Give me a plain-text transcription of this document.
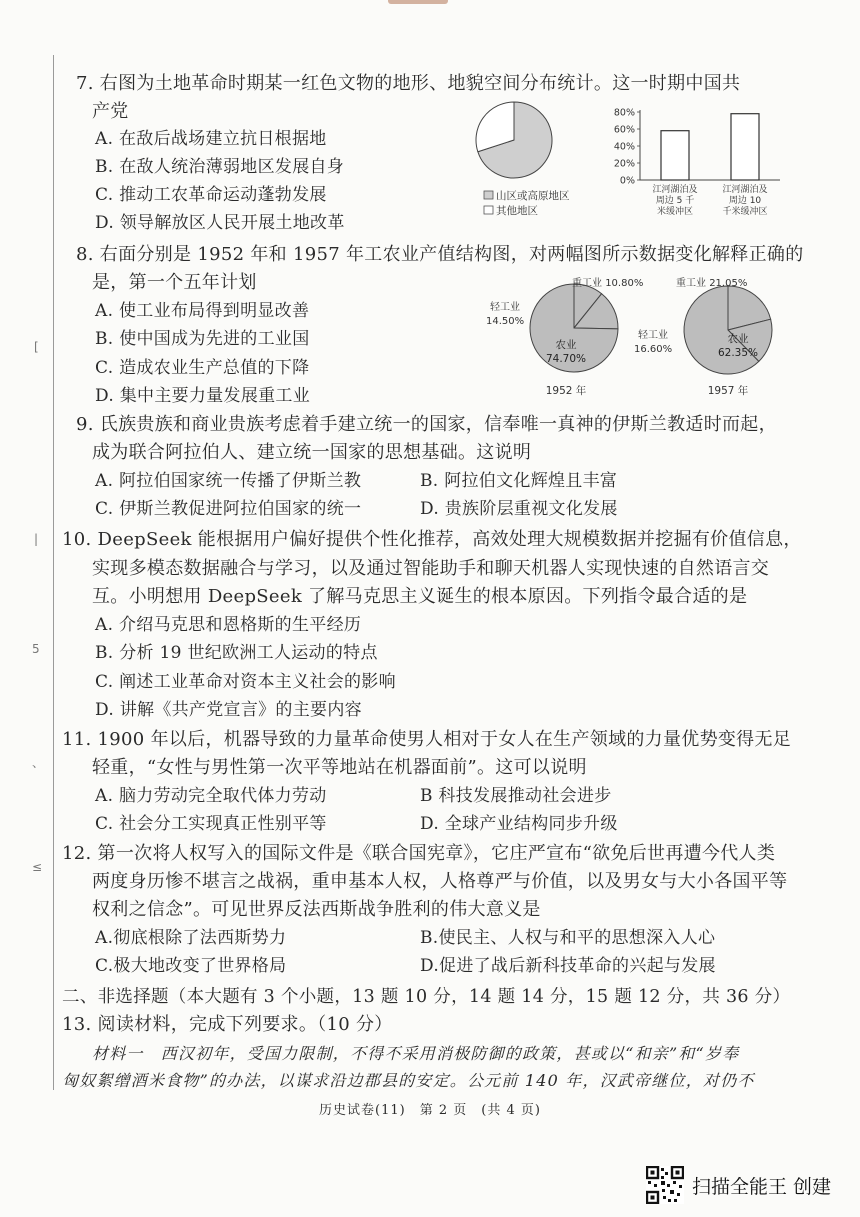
[
|
5
、
≤
7. 右图为土地革命时期某一红色文物的地形、地貌空间分布统计。这一时期中国共
产党
A. 在敌后战场建立抗日根据地
B. 在敌人统治薄弱地区发展自身
C. 推动工农革命运动蓬勃发展
D. 领导解放区人民开展土地改革
山区或高原地区
其他地区
0%
20%
40%
60%
80%
江河湖泊及
周边 5 千
米缓冲区
江河湖泊及
周边 10
千米缓冲区
8. 右面分别是 1952 年和 1957 年工农业产值结构图，对两幅图所示数据变化解释正确的
是，第一个五年计划
A. 使工业布局得到明显改善
B. 使中国成为先进的工业国
C. 造成农业生产总值的下降
D. 集中主要力量发展重工业
重工业 10.80%
轻工业
14.50%
农业
74.70%
1952 年
重工业 21.05%
轻工业
16.60%
农业
62.35%
1957 年
9. 氏族贵族和商业贵族考虑着手建立统一的国家，信奉唯一真神的伊斯兰教适时而起，
成为联合阿拉伯人、建立统一国家的思想基础。这说明
A. 阿拉伯国家统一传播了伊斯兰教	B. 阿拉伯文化辉煌且丰富
C. 伊斯兰教促进阿拉伯国家的统一	D. 贵族阶层重视文化发展
10. DeepSeek 能根据用户偏好提供个性化推荐，高效处理大规模数据并挖掘有价值信息，
实现多模态数据融合与学习，以及通过智能助手和聊天机器人实现快速的自然语言交
互。小明想用 DeepSeek 了解马克思主义诞生的根本原因。下列指令最合适的是
A. 介绍马克思和恩格斯的生平经历
B. 分析 19 世纪欧洲工人运动的特点
C. 阐述工业革命对资本主义社会的影响
D. 讲解《共产党宣言》的主要内容
11. 1900 年以后，机器导致的力量革命使男人相对于女人在生产领域的力量优势变得无足
轻重，“女性与男性第一次平等地站在机器面前”。这可以说明
A. 脑力劳动完全取代体力劳动	B 科技发展推动社会进步
C. 社会分工实现真正性别平等	D. 全球产业结构同步升级
12. 第一次将人权写入的国际文件是《联合国宪章》，它庄严宣布“欲免后世再遭今代人类
两度身历惨不堪言之战祸，重申基本人权，人格尊严与价值，以及男女与大小各国平等
权利之信念”。可见世界反法西斯战争胜利的伟大意义是
A.彻底根除了法西斯势力	B.使民主、人权与和平的思想深入人心
C.极大地改变了世界格局	D.促进了战后新科技革命的兴起与发展
二、非选择题（本大题有 3 个小题，13 题 10 分，14 题 14 分，15 题 12 分，共 36 分）
13. 阅读材料，完成下列要求。（10 分）
材料一　西汉初年，受国力限制，不得不采用消极防御的政策，甚或以“和亲”和“岁奉
匈奴絮缯酒米食物”的办法，以谋求沿边郡县的安定。公元前 140 年，汉武帝继位，对仍不
历史试卷(11)　第 2 页　(共 4 页)
扫描全能王 创建
